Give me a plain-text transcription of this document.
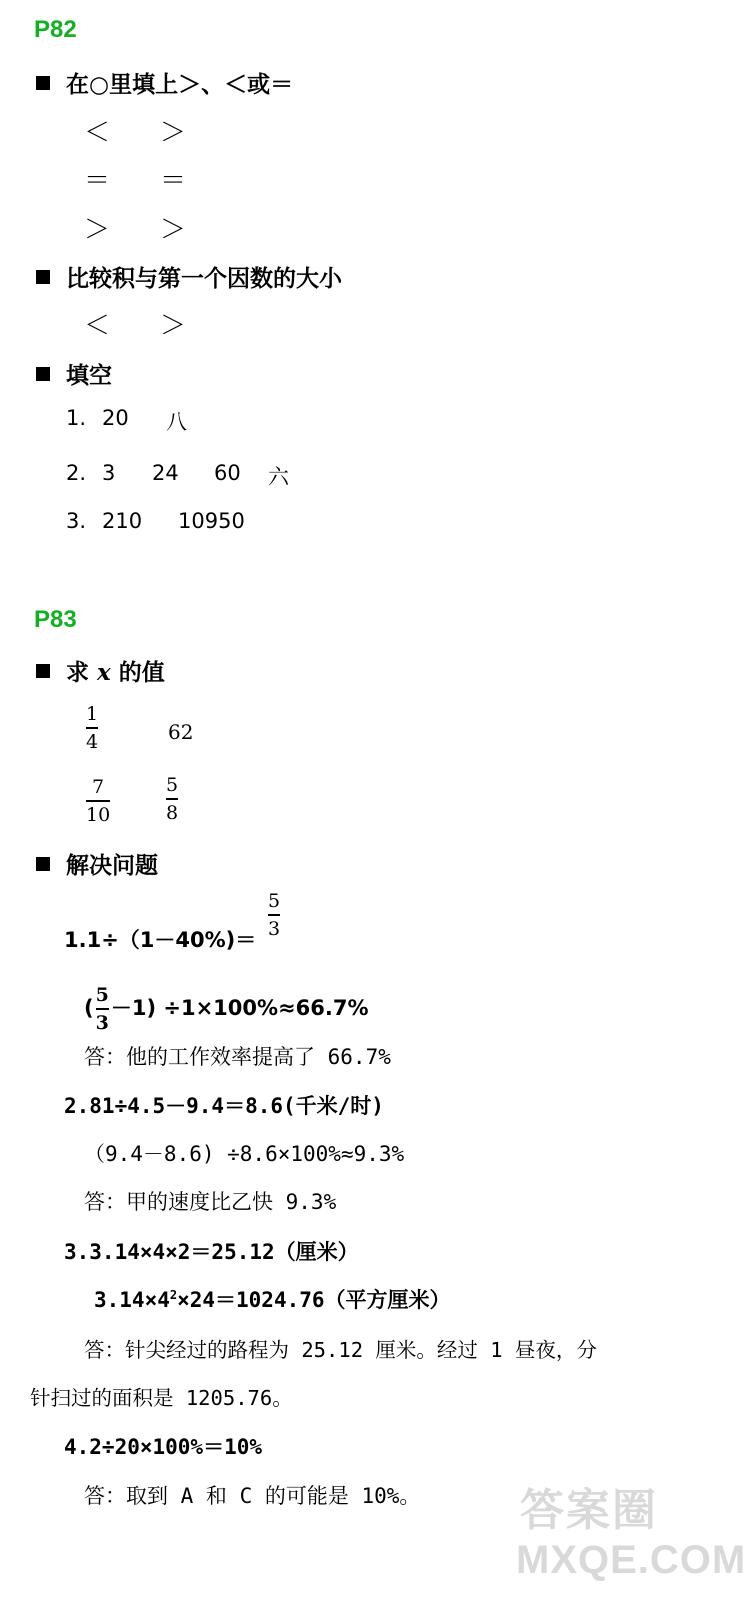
P82
在○里填上＞、＜或＝
＜ ＞
＝ ＝
＞ ＞
比较积与第一个因数的大小
＜ ＞
填空
1. 20 八
2. 3 24 60 六
3. 210 10950
P83
求 x 的值
1
4	62
7
10
5
8
解决问题
1.1÷（1－40%)＝
5
3
( $\frac{5}{3} -1) \div 1\times 100\%\approx 66.7\%$
答：他的工作效率提高了 66.7%
2.81÷4.5－9.4＝8.6(千米/时)
（9.4－8.6) ÷8.6×100%≈9.3%
答：甲的速度比乙快 9.3%
3.3.14×4×2＝25.12（厘米）
$3.14\times 4^2\times 24=1024.76$（平方厘米）
答：针尖经过的路程为 25.12 厘米。经过 1 昼夜，分
针扫过的面积是 1205.76。
4.2÷20×100%＝10%
答：取到 A 和 C 的可能是 10%。 答案圈
MXQE.COM
